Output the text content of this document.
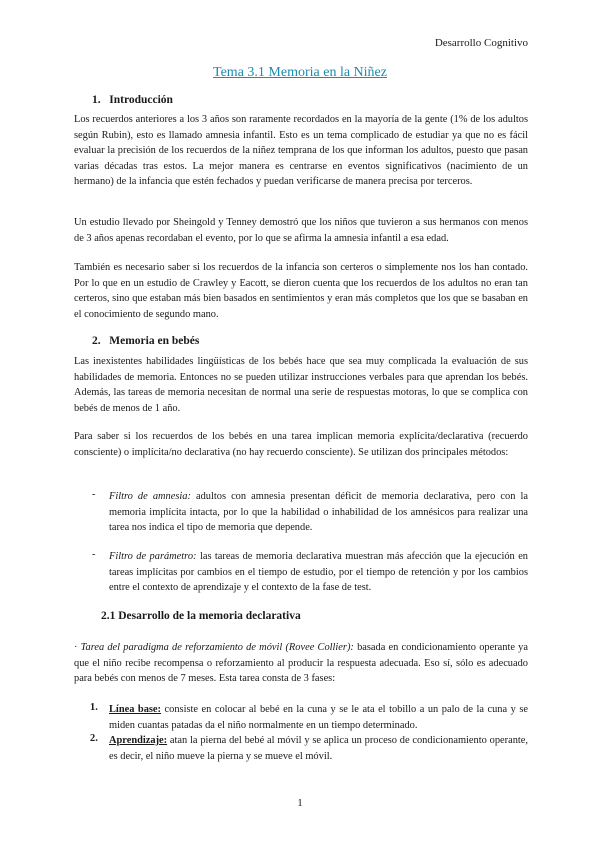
Desarrollo Cognitivo
Tema 3.1 Memoria en la Niñez
1. Introducción
Los recuerdos anteriores a los 3 años son raramente recordados en la mayoría de la gente (1% de los adultos según Rubin), esto es llamado amnesia infantil. Esto es un tema complicado de estudiar ya que no es fácil evaluar la precisión de los recuerdos de la niñez temprana de los que informan los adultos, puesto que pasan varias décadas tras estos. La mejor manera es centrarse en eventos significativos (nacimiento de un hermano) de la infancia que estén fechados y puedan verificarse de manera precisa por terceros.
Un estudio llevado por Sheingold y Tenney demostró que los niños que tuvieron a sus hermanos con menos de 3 años apenas recordaban el evento, por lo que se afirma la amnesia infantil a esa edad.
También es necesario saber si los recuerdos de la infancia son certeros o simplemente nos los han contado. Por lo que en un estudio de Crawley y Eacott, se dieron cuenta que los recuerdos de los adultos no eran tan certeros, sino que estaban más bien basados en sentimientos y eran más completos que los que se basaban en el conocimiento de segundo mano.
2. Memoria en bebés
Las inexistentes habilidades lingüísticas de los bebés hace que sea muy complicada la evaluación de sus habilidades de memoria. Entonces no se pueden utilizar instrucciones verbales para que aprendan los bebés. Además, las tareas de memoria necesitan de normal una serie de respuestas motoras, lo que se complica con bebés de menos de 1 año.
Para saber si los recuerdos de los bebés en una tarea implican memoria explícita/declarativa (recuerdo consciente) o implícita/no declarativa (no hay recuerdo consciente). Se utilizan dos principales métodos:
- Filtro de amnesia: adultos con amnesia presentan déficit de memoria declarativa, pero con la memoria implícita intacta, por lo que la habilidad o inhabilidad de los amnésicos para realizar una tarea nos indica el tipo de memoria que depende.
- Filtro de parámetro: las tareas de memoria declarativa muestran más afección que la ejecución en tareas implícitas por cambios en el tiempo de estudio, por el tiempo de retención y por los cambios entre el contexto de aprendizaje y el contexto de la fase de test.
2.1 Desarrollo de la memoria declarativa
· Tarea del paradigma de reforzamiento de móvil (Rovee Collier): basada en condicionamiento operante ya que el niño recibe recompensa o reforzamiento al producir la respuesta adecuada. Eso sí, sólo es adecuado para bebés con menos de 7 meses. Esta tarea consta de 3 fases:
1. Línea base: consiste en colocar al bebé en la cuna y se le ata el tobillo a un palo de la cuna y se miden cuantas patadas da el niño normalmente en un tiempo determinado.
2. Aprendizaje: atan la pierna del bebé al móvil y se aplica un proceso de condicionamiento operante, es decir, el niño mueve la pierna y se mueve el móvil.
1
